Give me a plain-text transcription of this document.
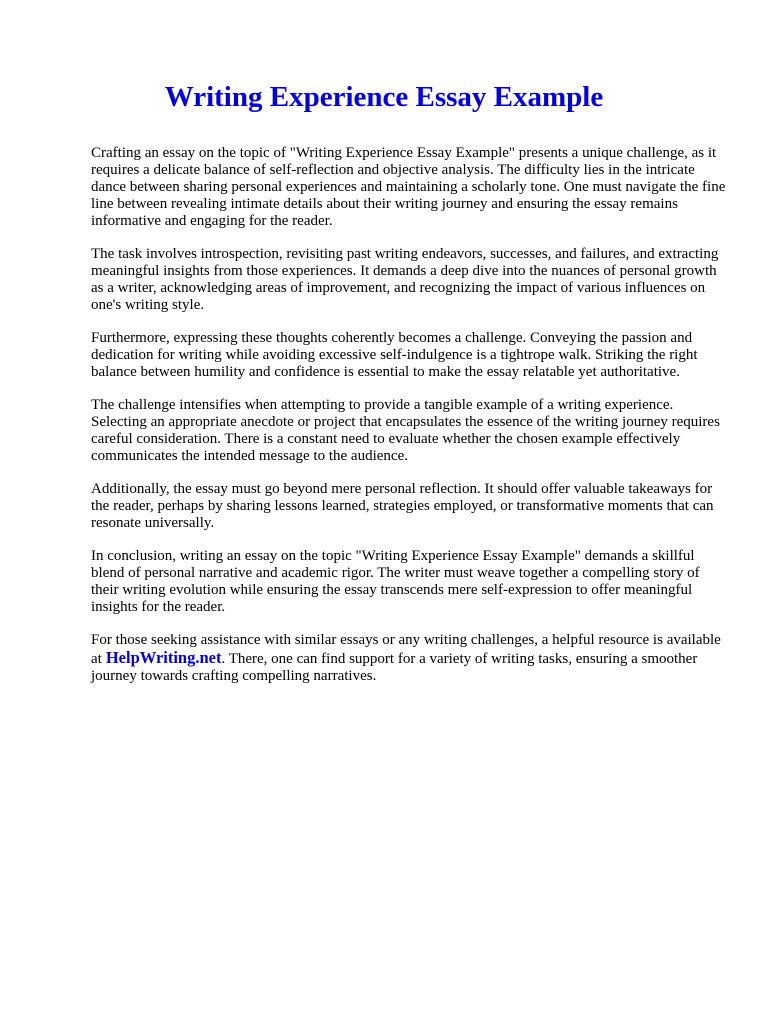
Writing Experience Essay Example

Crafting an essay on the topic of "Writing Experience Essay Example" presents a unique challenge, as it requires a delicate balance of self-reflection and objective analysis. The difficulty lies in the intricate dance between sharing personal experiences and maintaining a scholarly tone. One must navigate the fine line between revealing intimate details about their writing journey and ensuring the essay remains informative and engaging for the reader.

The task involves introspection, revisiting past writing endeavors, successes, and failures, and extracting meaningful insights from those experiences. It demands a deep dive into the nuances of personal growth as a writer, acknowledging areas of improvement, and recognizing the impact of various influences on one's writing style.

Furthermore, expressing these thoughts coherently becomes a challenge. Conveying the passion and dedication for writing while avoiding excessive self-indulgence is a tightrope walk. Striking the right balance between humility and confidence is essential to make the essay relatable yet authoritative.

The challenge intensifies when attempting to provide a tangible example of a writing experience. Selecting an appropriate anecdote or project that encapsulates the essence of the writing journey requires careful consideration. There is a constant need to evaluate whether the chosen example effectively communicates the intended message to the audience.

Additionally, the essay must go beyond mere personal reflection. It should offer valuable takeaways for the reader, perhaps by sharing lessons learned, strategies employed, or transformative moments that can resonate universally.

In conclusion, writing an essay on the topic "Writing Experience Essay Example" demands a skillful blend of personal narrative and academic rigor. The writer must weave together a compelling story of their writing evolution while ensuring the essay transcends mere self-expression to offer meaningful insights for the reader.

For those seeking assistance with similar essays or any writing challenges, a helpful resource is available at HelpWriting.net. There, one can find support for a variety of writing tasks, ensuring a smoother journey towards crafting compelling narratives.
